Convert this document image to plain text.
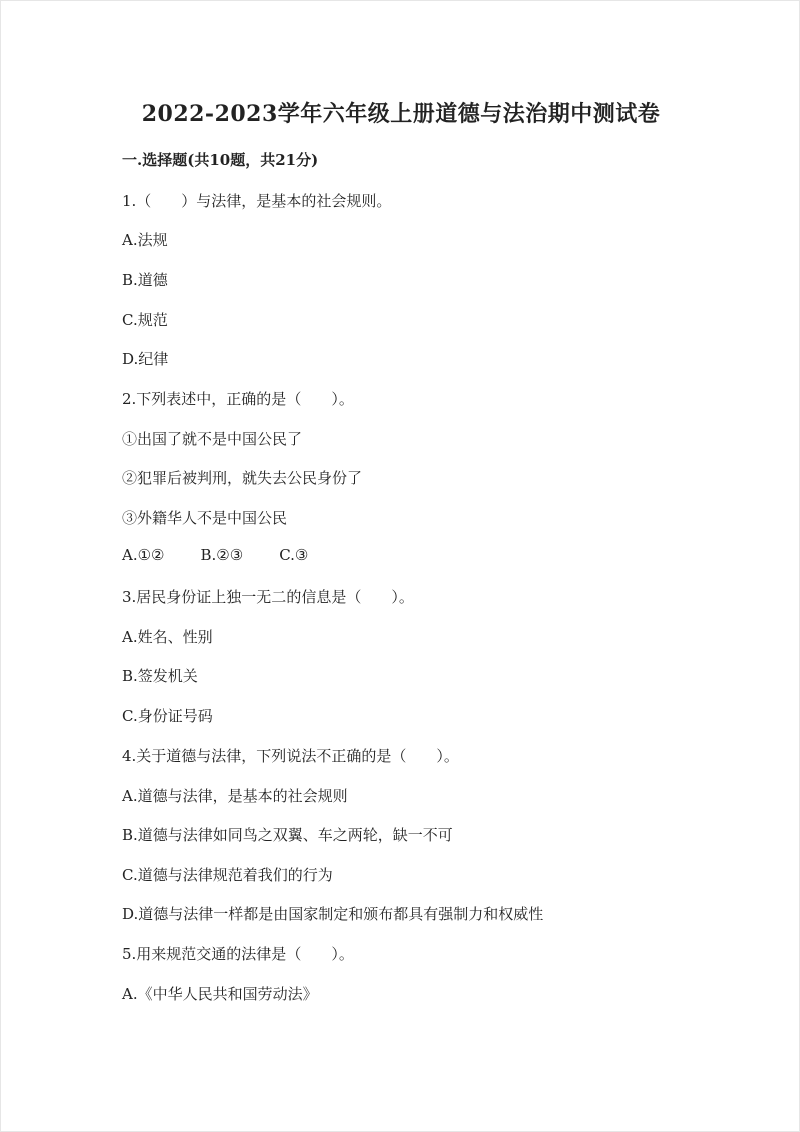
2022-2023学年六年级上册道德与法治期中测试卷
一.选择题(共10题，共21分)
1.（　　）与法律，是基本的社会规则。
A.法规
B.道德
C.规范
D.纪律
2.下列表述中，正确的是（　　）。
①出国了就不是中国公民了
②犯罪后被判刑，就失去公民身份了
③外籍华人不是中国公民
A.①② B.②③ C.③
3.居民身份证上独一无二的信息是（　　）。
A.姓名、性别
B.签发机关
C.身份证号码
4.关于道德与法律，下列说法不正确的是（　　）。
A.道德与法律，是基本的社会规则
B.道德与法律如同鸟之双翼、车之两轮，缺一不可
C.道德与法律规范着我们的行为
D.道德与法律一样都是由国家制定和颁布都具有强制力和权威性
5.用来规范交通的法律是（　　）。
A.《中华人民共和国劳动法》
